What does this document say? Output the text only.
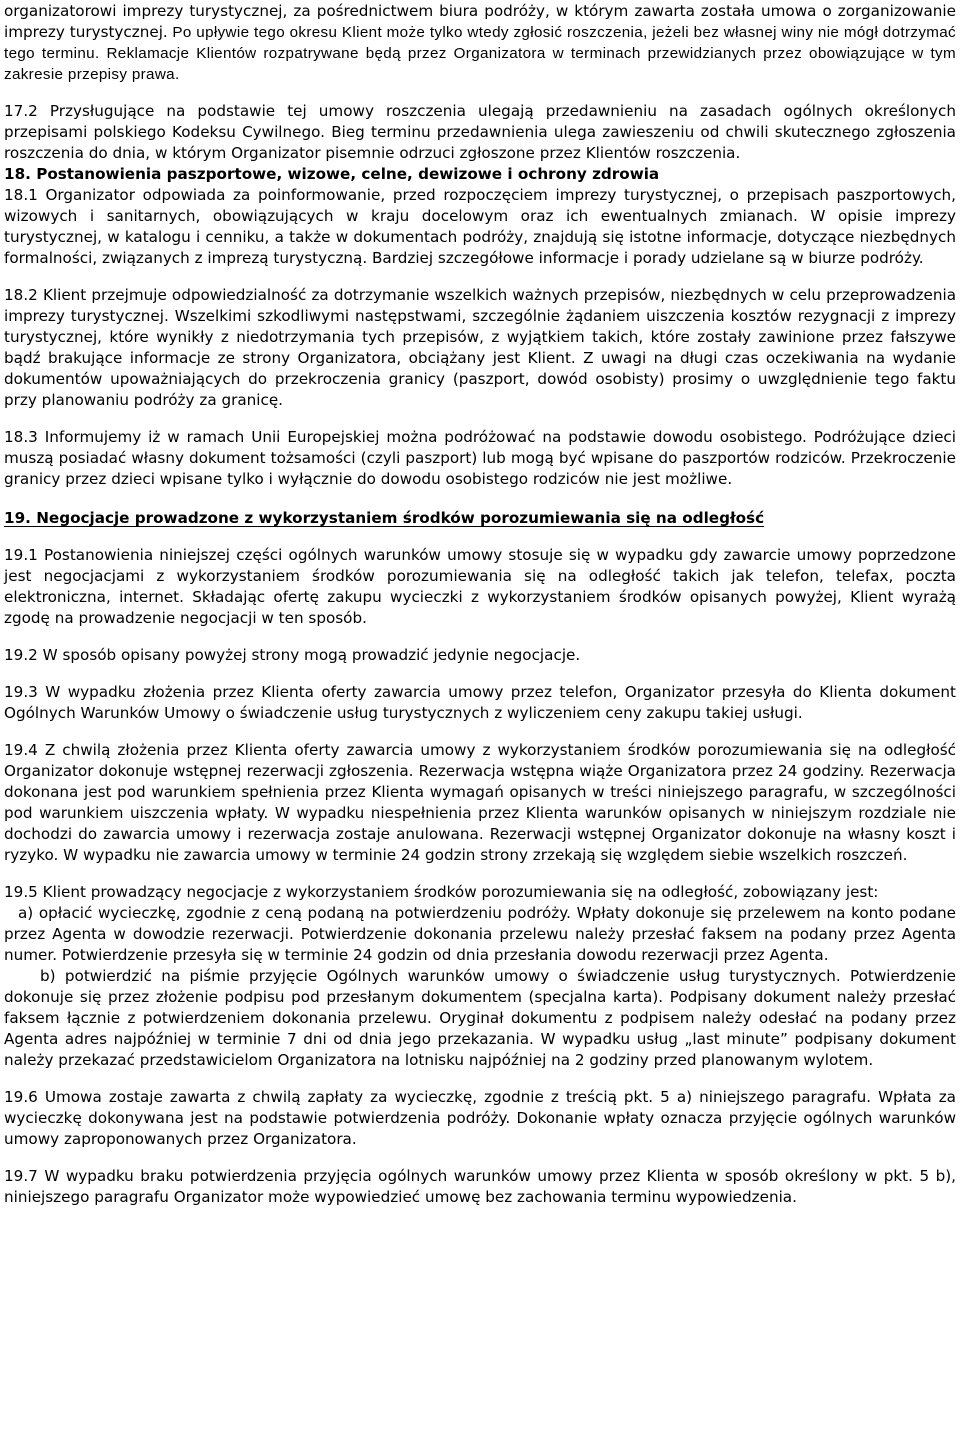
organizatorowi imprezy turystycznej, za pośrednictwem biura podróży, w którym zawarta została umowa o zorganizowanie imprezy turystycznej. Po upływie tego okresu Klient może tylko wtedy zgłosić roszczenia, jeżeli bez własnej winy nie mógł dotrzymać tego terminu. Reklamacje Klientów rozpatrywane będą przez Organizatora w terminach przewidzianych przez obowiązujące w tym zakresie przepisy prawa.

17.2 Przysługujące na podstawie tej umowy roszczenia ulegają przedawnieniu na zasadach ogólnych określonych przepisami polskiego Kodeksu Cywilnego. Bieg terminu przedawnienia ulega zawieszeniu od chwili skutecznego zgłoszenia roszczenia do dnia, w którym Organizator pisemnie odrzuci zgłoszone przez Klientów roszczenia.

18. Postanowienia paszportowe, wizowe, celne, dewizowe i ochrony zdrowia

18.1 Organizator odpowiada za poinformowanie, przed rozpoczęciem imprezy turystycznej, o przepisach paszportowych, wizowych i sanitarnych, obowiązujących w kraju docelowym oraz ich ewentualnych zmianach. W opisie imprezy turystycznej, w katalogu i cenniku, a także w dokumentach podróży, znajdują się istotne informacje, dotyczące niezbędnych formalności, związanych z imprezą turystyczną. Bardziej szczegółowe informacje i porady udzielane są w biurze podróży.

18.2 Klient przejmuje odpowiedzialność za dotrzymanie wszelkich ważnych przepisów, niezbędnych w celu przeprowadzenia imprezy turystycznej. Wszelkimi szkodliwymi następstwami, szczególnie żądaniem uiszczenia kosztów rezygnacji z imprezy turystycznej, które wynikły z niedotrzymania tych przepisów, z wyjątkiem takich, które zostały zawinione przez fałszywe bądź brakujące informacje ze strony Organizatora, obciążany jest Klient. Z uwagi na długi czas oczekiwania na wydanie dokumentów upoważniających do przekroczenia granicy (paszport, dowód osobisty) prosimy o uwzględnienie tego faktu przy planowaniu podróży za granicę.

18.3 Informujemy iż w ramach Unii Europejskiej można podróżować na podstawie dowodu osobistego. Podróżujące dzieci muszą posiadać własny dokument tożsamości (czyli paszport) lub mogą być wpisane do paszportów rodziców. Przekroczenie granicy przez dzieci wpisane tylko i wyłącznie do dowodu osobistego rodziców nie jest możliwe.

19. Negocjacje prowadzone z wykorzystaniem środków porozumiewania się na odległość

19.1 Postanowienia niniejszej części ogólnych warunków umowy stosuje się w wypadku gdy zawarcie umowy poprzedzone jest negocjacjami z wykorzystaniem środków porozumiewania się na odległość takich jak telefon, telefax, poczta elektroniczna, internet. Składając ofertę zakupu wycieczki z wykorzystaniem środków opisanych powyżej, Klient wyrażą zgodę na prowadzenie negocjacji w ten sposób.

19.2 W sposób opisany powyżej strony mogą prowadzić jedynie negocjacje.

19.3 W wypadku złożenia przez Klienta oferty zawarcia umowy przez telefon, Organizator przesyła do Klienta dokument Ogólnych Warunków Umowy o świadczenie usług turystycznych z wyliczeniem ceny zakupu takiej usługi.

19.4 Z chwilą złożenia przez Klienta oferty zawarcia umowy z wykorzystaniem środków porozumiewania się na odległość Organizator dokonuje wstępnej rezerwacji zgłoszenia. Rezerwacja wstępna wiąże Organizatora przez 24 godziny. Rezerwacja dokonana jest pod warunkiem spełnienia przez Klienta wymagań opisanych w treści niniejszego paragrafu, w szczególności pod warunkiem uiszczenia wpłaty. W wypadku niespełnienia przez Klienta warunków opisanych w niniejszym rozdziale nie dochodzi do zawarcia umowy i rezerwacja zostaje anulowana. Rezerwacji wstępnej Organizator dokonuje na własny koszt i ryzyko. W wypadku nie zawarcia umowy w terminie 24 godzin strony zrzekają się względem siebie wszelkich roszczeń.

19.5 Klient prowadzący negocjacje z wykorzystaniem środków porozumiewania się na odległość, zobowiązany jest:

a) opłacić wycieczkę, zgodnie z ceną podaną na potwierdzeniu podróży. Wpłaty dokonuje się przelewem na konto podane przez Agenta w dowodzie rezerwacji. Potwierdzenie dokonania przelewu należy przesłać faksem na podany przez Agenta numer. Potwierdzenie przesyła się w terminie 24 godzin od dnia przesłania dowodu rezerwacji przez Agenta.

b) potwierdzić na piśmie przyjęcie Ogólnych warunków umowy o świadczenie usług turystycznych. Potwierdzenie dokonuje się przez złożenie podpisu pod przesłanym dokumentem (specjalna karta). Podpisany dokument należy przesłać faksem łącznie z potwierdzeniem dokonania przelewu. Oryginał dokumentu z podpisem należy odesłać na podany przez Agenta adres najpóźniej w terminie 7 dni od dnia jego przekazania. W wypadku usług „last minute” podpisany dokument należy przekazać przedstawicielom Organizatora na lotnisku najpóźniej na 2 godziny przed planowanym wylotem.

19.6 Umowa zostaje zawarta z chwilą zapłaty za wycieczkę, zgodnie z treścią pkt. 5 a) niniejszego paragrafu. Wpłata za wycieczkę dokonywana jest na podstawie potwierdzenia podróży. Dokonanie wpłaty oznacza przyjęcie ogólnych warunków umowy zaproponowanych przez Organizatora.

19.7 W wypadku braku potwierdzenia przyjęcia ogólnych warunków umowy przez Klienta w sposób określony w pkt. 5 b), niniejszego paragrafu Organizator może wypowiedzieć umowę bez zachowania terminu wypowiedzenia.
